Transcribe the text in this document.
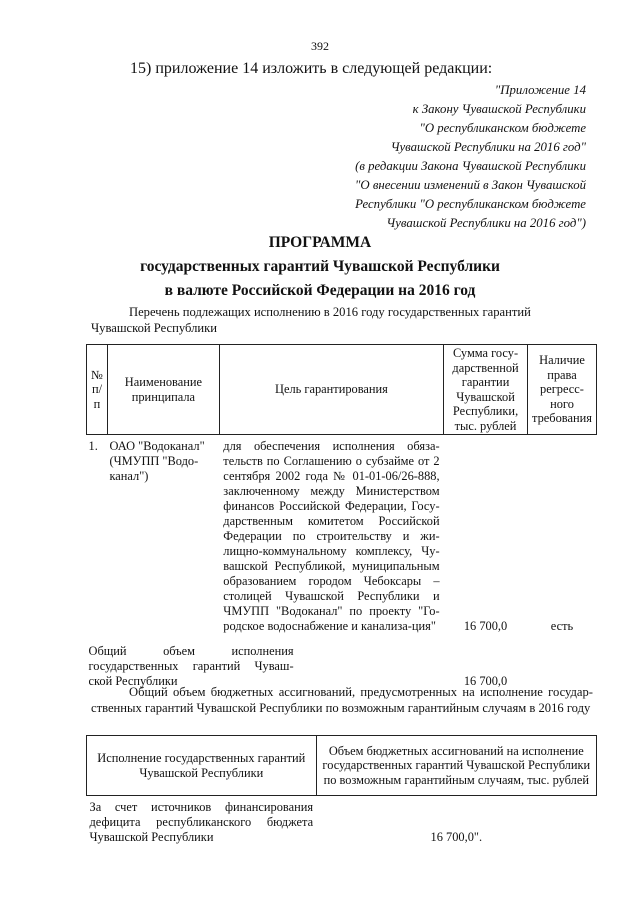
392
15) приложение 14 изложить в следующей редакции:
"Приложение 14
к Закону Чувашской Республики
"О республиканском бюджете
Чувашской Республики на 2016 год"
(в редакции Закона Чувашской Республики
"О внесении изменений в Закон Чувашской
Республики "О республиканском бюджете
Чувашской Республики на 2016 год")
ПРОГРАММА
государственных гарантий Чувашской Республики
в валюте Российской Федерации на 2016 год
Перечень подлежащих исполнению в 2016 году государственных гарантий
Чувашской Республики
№ п/п	Наименование принципала	Цель гарантирования	Сумма госу-дарственной гарантии Чувашской Республики, тыс. рублей	Наличие права регресс-ного требования
1.	ОАО "Водоканал" (ЧМУПП "Водо-канал")	для обеспечения исполнения обяза-тельств по Соглашению о субзайме от 2 сентября 2002 года № 01-01-06/26-888, заключенному между Министерством финансов Российской Федерации, Госу-дарственным комитетом Российской Федерации по строительству и жи-лищно-коммунальному комплексу, Чу-вашской Республикой, муниципальным образованием городом Чебоксары – столицей Чувашской Республики и ЧМУПП "Водоканал" по проекту "Го-родское водоснабжение и канализа-ция"	16 700,0	есть
Общий объем исполнения государственных гарантий Чуваш-ской Республики			16 700,0	
Общий объем бюджетных ассигнований, предусмотренных на исполнение государ-ственных гарантий Чувашской Республики по возможным гарантийным случаям в 2016 году
Исполнение государственных гарантий Чувашской Республики	Объем бюджетных ассигнований на исполнение государственных гарантий Чувашской Республики по возможным гарантийным случаям, тыс. рублей
За счет источников финансирования дефицита республиканского бюджета Чувашской Республики	16 700,0".
